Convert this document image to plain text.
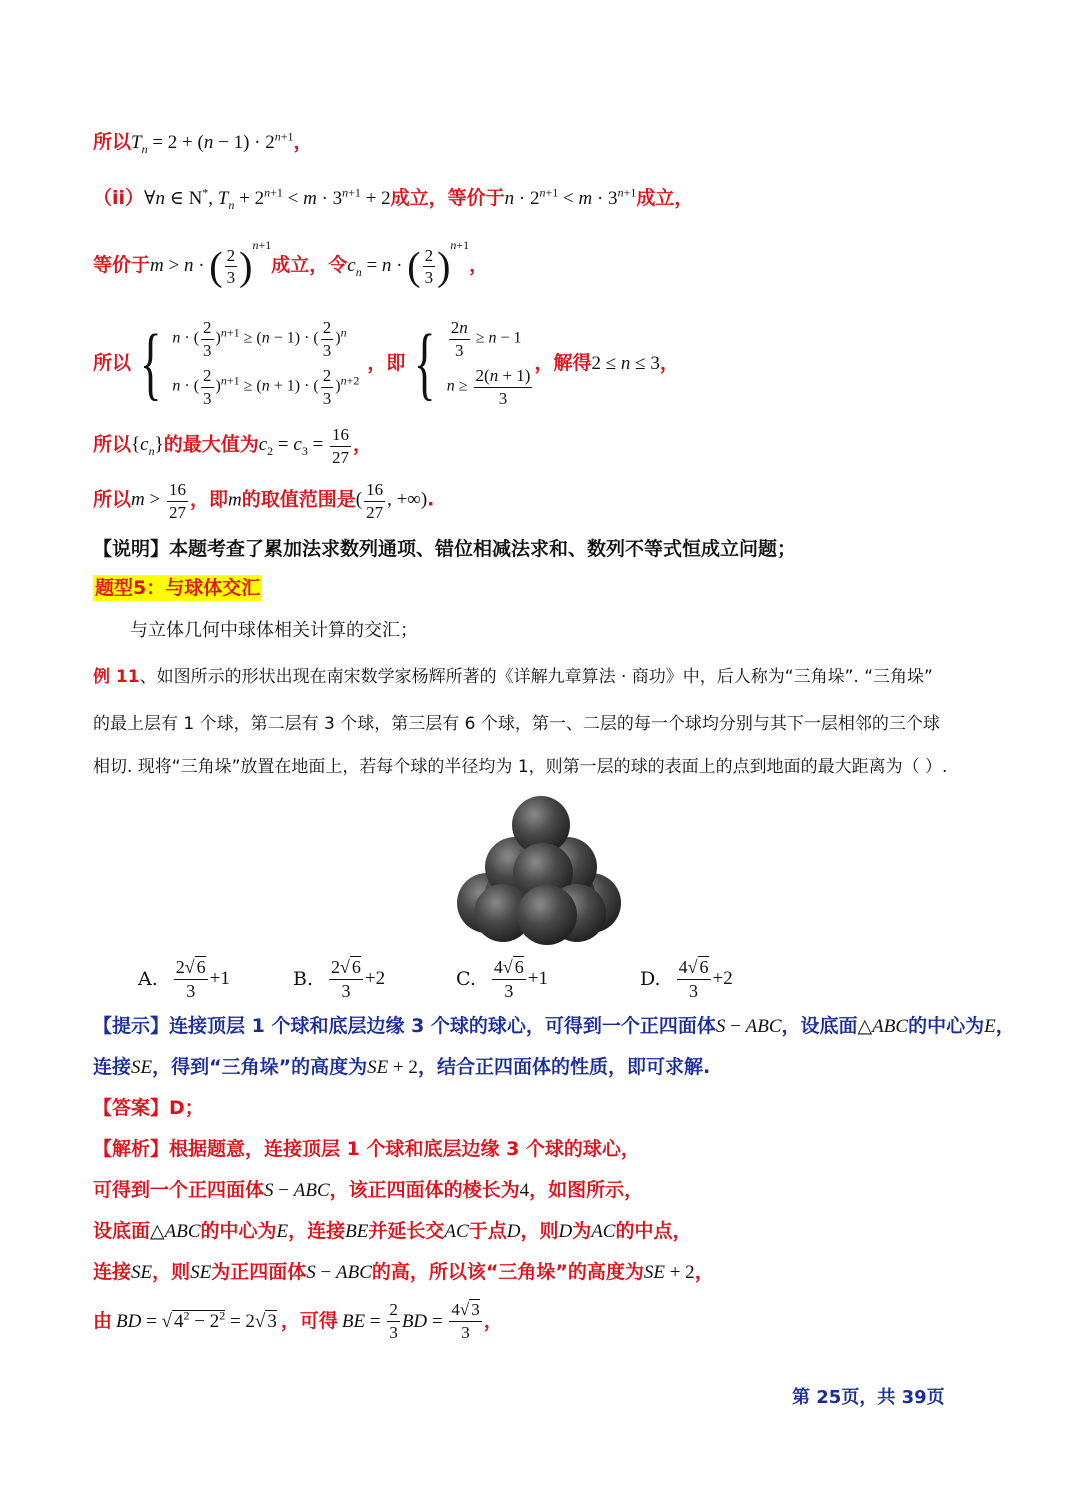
所以$T_n = 2 + (n - 1) \cdot 2^{n+1}$，
（ii）∀n ∈ N*, $T_n + 2^{n+1} < m \cdot 3^{n+1} + 2$成立，等价于$n \cdot 2^{n+1} < m \cdot 3^{n+1}$成立，
等价于m > n · ( $\frac{2}{3} )^{n+1}$成立，令$c_n = n$ · ( $\frac{2}{3} )^{n+1}$，
所以 { n · ( $\frac{2}{3} )^{n+1} \ge (n - 1)$ · ( $\frac{2}{3} )^n$
n · ( $\frac{2}{3} )^{n+1} \ge (n + 1)$ · ( $\frac{2}{3} )^{n+2}$
，即 { $\frac{2n}{3} \ge n - 1$
$n \ge \frac{2(n + 1)}{3}$
，解得 2 ≤ n ≤ 3 ，
所以$\{c_n\}$的最大值为$c_2 = c_3 = \frac{16}{27}$ ，
所以$m > \frac{16}{27}$ ，即m的取值范围是( $\frac{16}{27}$ , +∞).
【说明】本题考查了累加法求数列通项、错位相减法求和、数列不等式恒成立问题；
题型5：与球体交汇
与立体几何中球体相关计算的交汇；
例 11、如图所示的形状出现在南宋数学家杨辉所著的《详解九章算法 · 商功》中，后人称为“三角垛”. “三角垛”
的最上层有 1 个球，第二层有 3 个球，第三层有 6 个球，第一、二层的每一个球均分别与其下一层相邻的三个球
相切. 现将“三角垛”放置在地面上，若每个球的半径均为 1，则第一层的球的表面上的点到地面的最大距离为（ ）.
A. $\frac{2√ 6}{3} +1$	B. $\frac{2√ 6}{3} +2$	C. $\frac{4√ 6}{3} +1$	D. $\frac{4√ 6}{3} +2$
【提示】连接顶层 1 个球和底层边缘 3 个球的球心，可得到一个正四面体S − ABC，设底面△ABC的中心为E，
连接SE，得到“三角垛”的高度为SE + 2，结合正四面体的性质，即可求解.
【答案】D；
【解析】根据题意，连接顶层 1 个球和底层边缘 3 个球的球心，
可得到一个正四面体S − ABC，该正四面体的棱长为4，如图所示，
设底面△ABC的中心为E，连接BE并延长交AC于点D，则D为AC的中点，
连接SE，则SE为正四面体S − ABC的高，所以该“三角垛”的高度为SE + 2，
由 BD = √ $4^2 - 2^2 = 2√$ 3 ，可得 BE = $\frac{2}{3}$ BD = $\frac{4√ 3}{3}$ ，
第 25页，共 39页
